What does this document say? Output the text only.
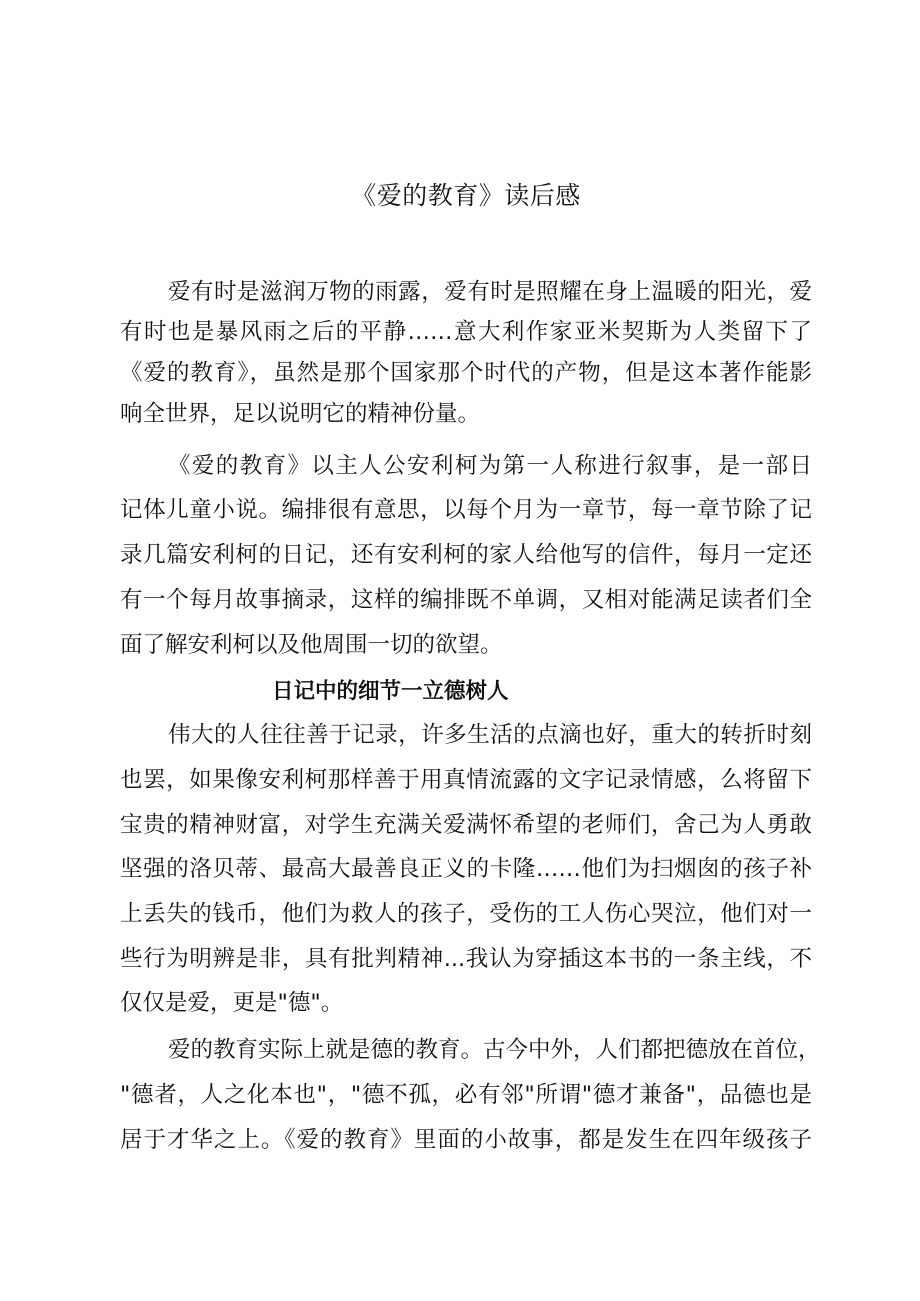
《爱的教育》读后感
爱有时是滋润万物的雨露，爱有时是照耀在身上温暖的阳光，爱
有时也是暴风雨之后的平静……意大利作家亚米契斯为人类留下了
《爱的教育》，虽然是那个国家那个时代的产物，但是这本著作能影
响全世界，足以说明它的精神份量。
《爱的教育》以主人公安利柯为第一人称进行叙事，是一部日
记体儿童小说。编排很有意思，以每个月为一章节，每一章节除了记
录几篇安利柯的日记，还有安利柯的家人给他写的信件，每月一定还
有一个每月故事摘录，这样的编排既不单调，又相对能满足读者们全
面了解安利柯以及他周围一切的欲望。
日记中的细节一立德树人
伟大的人往往善于记录，许多生活的点滴也好，重大的转折时刻
也罢，如果像安利柯那样善于用真情流露的文字记录情感，么将留下
宝贵的精神财富，对学生充满关爱满怀希望的老师们，舍己为人勇敢
坚强的洛贝蒂、最高大最善良正义的卡隆……他们为扫烟囱的孩子补
上丢失的钱币，他们为救人的孩子，受伤的工人伤心哭泣，他们对一
些行为明辨是非，具有批判精神...我认为穿插这本书的一条主线，不
仅仅是爱，更是"德"。
爱的教育实际上就是德的教育。古今中外，人们都把德放在首位，
"德者，人之化本也"，"德不孤，必有邻"所谓"德才兼备"，品德也是
居于才华之上。《爱的教育》里面的小故事，都是发生在四年级孩子
